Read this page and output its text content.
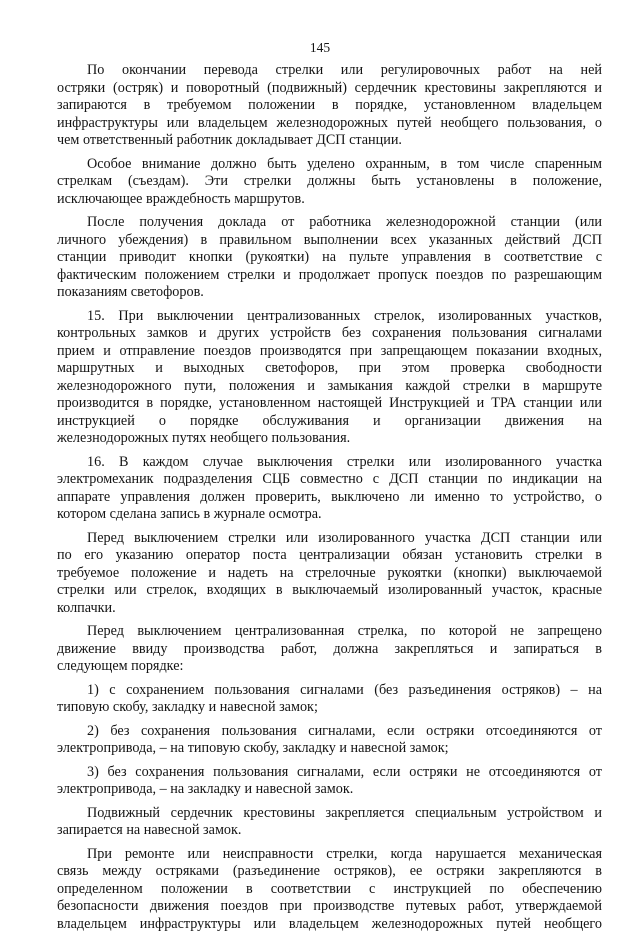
145

По окончании перевода стрелки или регулировочных работ на ней
остряки (остряк) и поворотный (подвижный) сердечник крестовины закрепляются и
запираются в требуемом положении в порядке, установленном владельцем
инфраструктуры или владельцем железнодорожных путей необщего пользования, о
чем ответственный работник докладывает ДСП станции.

Особое внимание должно быть уделено охранным, в том числе спаренным
стрелкам (съездам). Эти стрелки должны быть установлены в положение,
исключающее враждебность маршрутов.

После получения доклада от работника железнодорожной станции (или
личного убеждения) в правильном выполнении всех указанных действий ДСП
станции приводит кнопки (рукоятки) на пульте управления в соответствие с
фактическим положением стрелки и продолжает пропуск поездов по разрешающим
показаниям светофоров.

15. При выключении централизованных стрелок, изолированных участков,
контрольных замков и других устройств без сохранения пользования сигналами
прием и отправление поездов производятся при запрещающем показании входных,
маршрутных и выходных светофоров, при этом проверка свободности
железнодорожного пути, положения и замыкания каждой стрелки в маршруте
производится в порядке, установленном настоящей Инструкцией и ТРА станции или
инструкцией о порядке обслуживания и организации движения на
железнодорожных путях необщего пользования.

16. В каждом случае выключения стрелки или изолированного участка
электромеханик подразделения СЦБ совместно с ДСП станции по индикации на
аппарате управления должен проверить, выключено ли именно то устройство, о
котором сделана запись в журнале осмотра.

Перед выключением стрелки или изолированного участка ДСП станции или
по его указанию оператор поста централизации обязан установить стрелки в
требуемое положение и надеть на стрелочные рукоятки (кнопки) выключаемой
стрелки или стрелок, входящих в выключаемый изолированный участок, красные
колпачки.

Перед выключением централизованная стрелка, по которой не запрещено
движение ввиду производства работ, должна закрепляться и запираться в
следующем порядке:

1) с сохранением пользования сигналами (без разъединения остряков) – на
типовую скобу, закладку и навесной замок;

2) без сохранения пользования сигналами, если остряки отсоединяются от
электропривода, – на типовую скобу, закладку и навесной замок;

3) без сохранения пользования сигналами, если остряки не отсоединяются от
электропривода, – на закладку и навесной замок.

Подвижный сердечник крестовины закрепляется специальным устройством и
запирается на навесной замок.

При ремонте или неисправности стрелки, когда нарушается механическая
связь между остряками (разъединение остряков), ее остряки закрепляются в
определенном положении в соответствии с инструкцией по обеспечению
безопасности движения поездов при производстве путевых работ, утверждаемой
владельцем инфраструктуры или владельцем железнодорожных путей необщего
